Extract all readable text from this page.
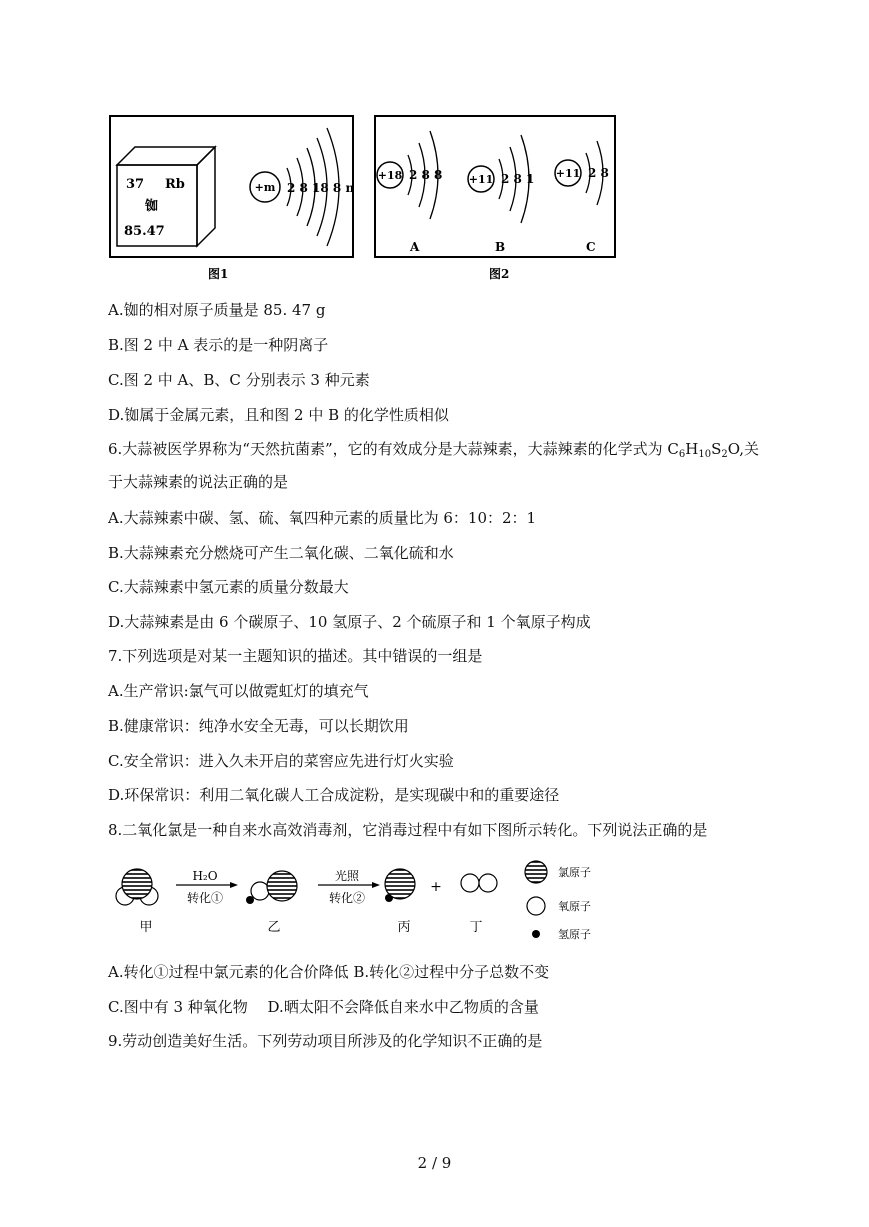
37 Rb
铷
85.47
+m 2 8 18 8 n
图1
+18 2 8 8
A
+11 2 8 1
B
+11 2 8
C
图2
A.铷的相对原子质量是 85. 47 g
B.图 2 中 A 表示的是一种阴离子
C.图 2 中 A、B、C 分别表示 3 种元素
D.铷属于金属元素，且和图 2 中 B 的化学性质相似
6.大蒜被医学界称为“天然抗菌素”，它的有效成分是大蒜辣素，大蒜辣素的化学式为 $C_6H_{10}S_2O$,关
于大蒜辣素的说法正确的是
A.大蒜辣素中碳、氢、硫、氧四种元素的质量比为 6：10：2：1
B.大蒜辣素充分燃烧可产生二氧化碳、二氧化硫和水
C.大蒜辣素中氢元素的质量分数最大
D.大蒜辣素是由 6 个碳原子、10 氢原子、2 个硫原子和 1 个氧原子构成
7.下列选项是对某一主题知识的描述。其中错误的一组是
A.生产常识:氯气可以做霓虹灯的填充气
B.健康常识：纯净水安全无毒，可以长期饮用
C.安全常识：进入久未开启的菜窖应先进行灯火实验
D.环保常识：利用二氧化碳人工合成淀粉，是实现碳中和的重要途径
8.二氧化氯是一种自来水高效消毒剂，它消毒过程中有如下图所示转化。下列说法正确的是
H₂O
转化①
光照
转化②
+
甲	乙	丙	丁
氯原子
氧原子
氢原子
A.转化①过程中氯元素的化合价降低 B.转化②过程中分子总数不变
C.图中有 3 种氧化物　 D.晒太阳不会降低自来水中乙物质的含量
9.劳动创造美好生活。下列劳动项目所涉及的化学知识不正确的是
2 / 9
